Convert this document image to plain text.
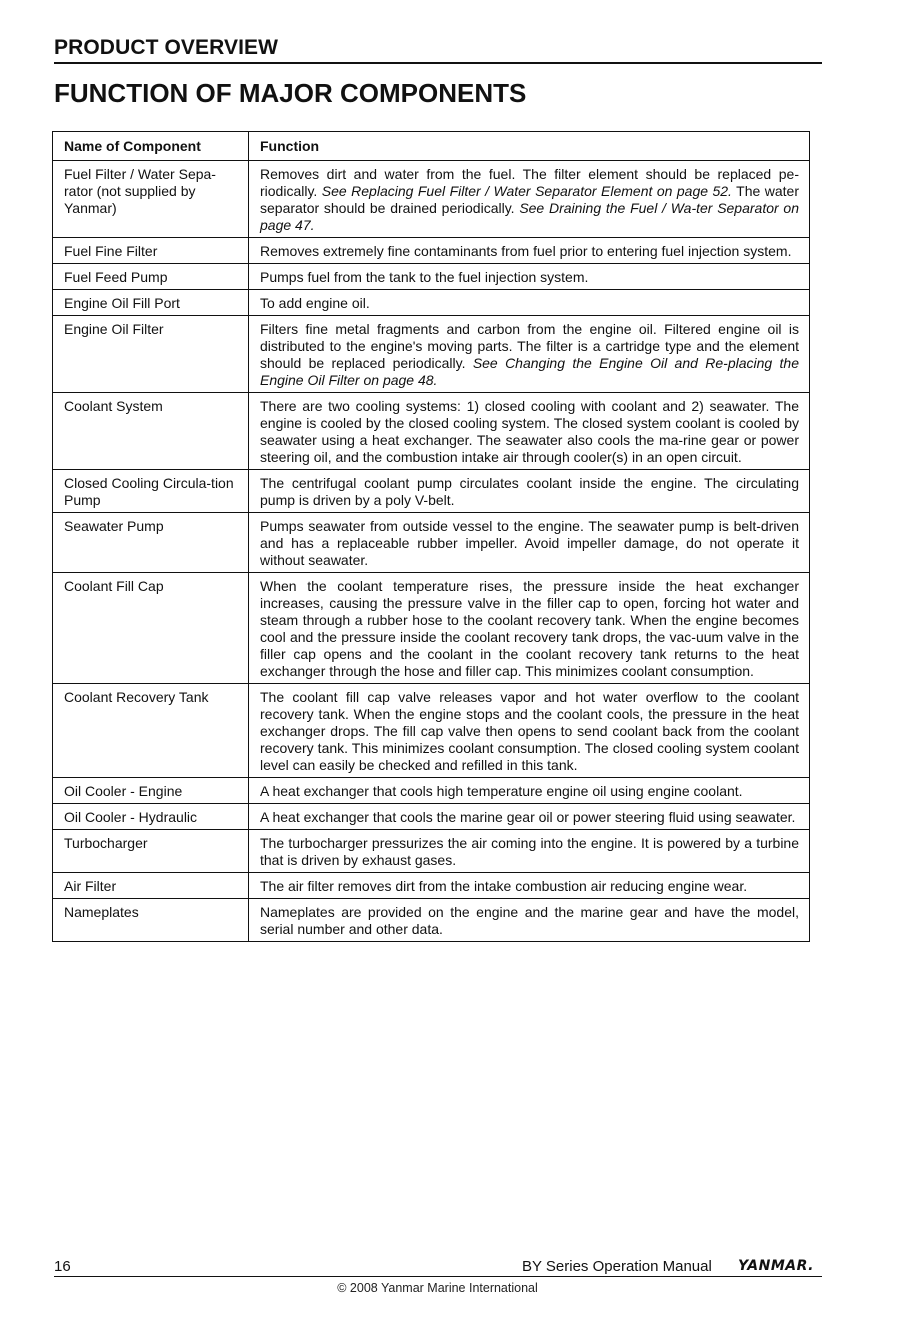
PRODUCT OVERVIEW
FUNCTION OF MAJOR COMPONENTS
Name of Component	Function
Fuel Filter / Water Sepa-rator (not supplied by Yanmar)	Removes dirt and water from the fuel. The filter element should be replaced pe-riodically. See Replacing Fuel Filter / Water Separator Element on page 52. The water separator should be drained periodically. See Draining the Fuel / Wa-ter Separator on page 47.
Fuel Fine Filter	Removes extremely fine contaminants from fuel prior to entering fuel injection system.
Fuel Feed Pump	Pumps fuel from the tank to the fuel injection system.
Engine Oil Fill Port	To add engine oil.
Engine Oil Filter	Filters fine metal fragments and carbon from the engine oil. Filtered engine oil is distributed to the engine's moving parts. The filter is a cartridge type and the element should be replaced periodically. See Changing the Engine Oil and Re-placing the Engine Oil Filter on page 48.
Coolant System	There are two cooling systems: 1) closed cooling with coolant and 2) seawater. The engine is cooled by the closed cooling system. The closed system coolant is cooled by seawater using a heat exchanger. The seawater also cools the ma-rine gear or power steering oil, and the combustion intake air through cooler(s) in an open circuit.
Closed Cooling Circula-tion Pump	The centrifugal coolant pump circulates coolant inside the engine. The circulating pump is driven by a poly V-belt.
Seawater Pump	Pumps seawater from outside vessel to the engine. The seawater pump is belt-driven and has a replaceable rubber impeller. Avoid impeller damage, do not operate it without seawater.
Coolant Fill Cap	When the coolant temperature rises, the pressure inside the heat exchanger increases, causing the pressure valve in the filler cap to open, forcing hot water and steam through a rubber hose to the coolant recovery tank. When the engine becomes cool and the pressure inside the coolant recovery tank drops, the vac-uum valve in the filler cap opens and the coolant in the coolant recovery tank returns to the heat exchanger through the hose and filler cap. This minimizes coolant consumption.
Coolant Recovery Tank	The coolant fill cap valve releases vapor and hot water overflow to the coolant recovery tank. When the engine stops and the coolant cools, the pressure in the heat exchanger drops. The fill cap valve then opens to send coolant back from the coolant recovery tank. This minimizes coolant consumption. The closed cooling system coolant level can easily be checked and refilled in this tank.
Oil Cooler - Engine	A heat exchanger that cools high temperature engine oil using engine coolant.
Oil Cooler - Hydraulic	A heat exchanger that cools the marine gear oil or power steering fluid using seawater.
Turbocharger	The turbocharger pressurizes the air coming into the engine. It is powered by a turbine that is driven by exhaust gases.
Air Filter	The air filter removes dirt from the intake combustion air reducing engine wear.
Nameplates	Nameplates are provided on the engine and the marine gear and have the model, serial number and other data.
16	BY Series Operation Manual YANMAR.
© 2008 Yanmar Marine International
